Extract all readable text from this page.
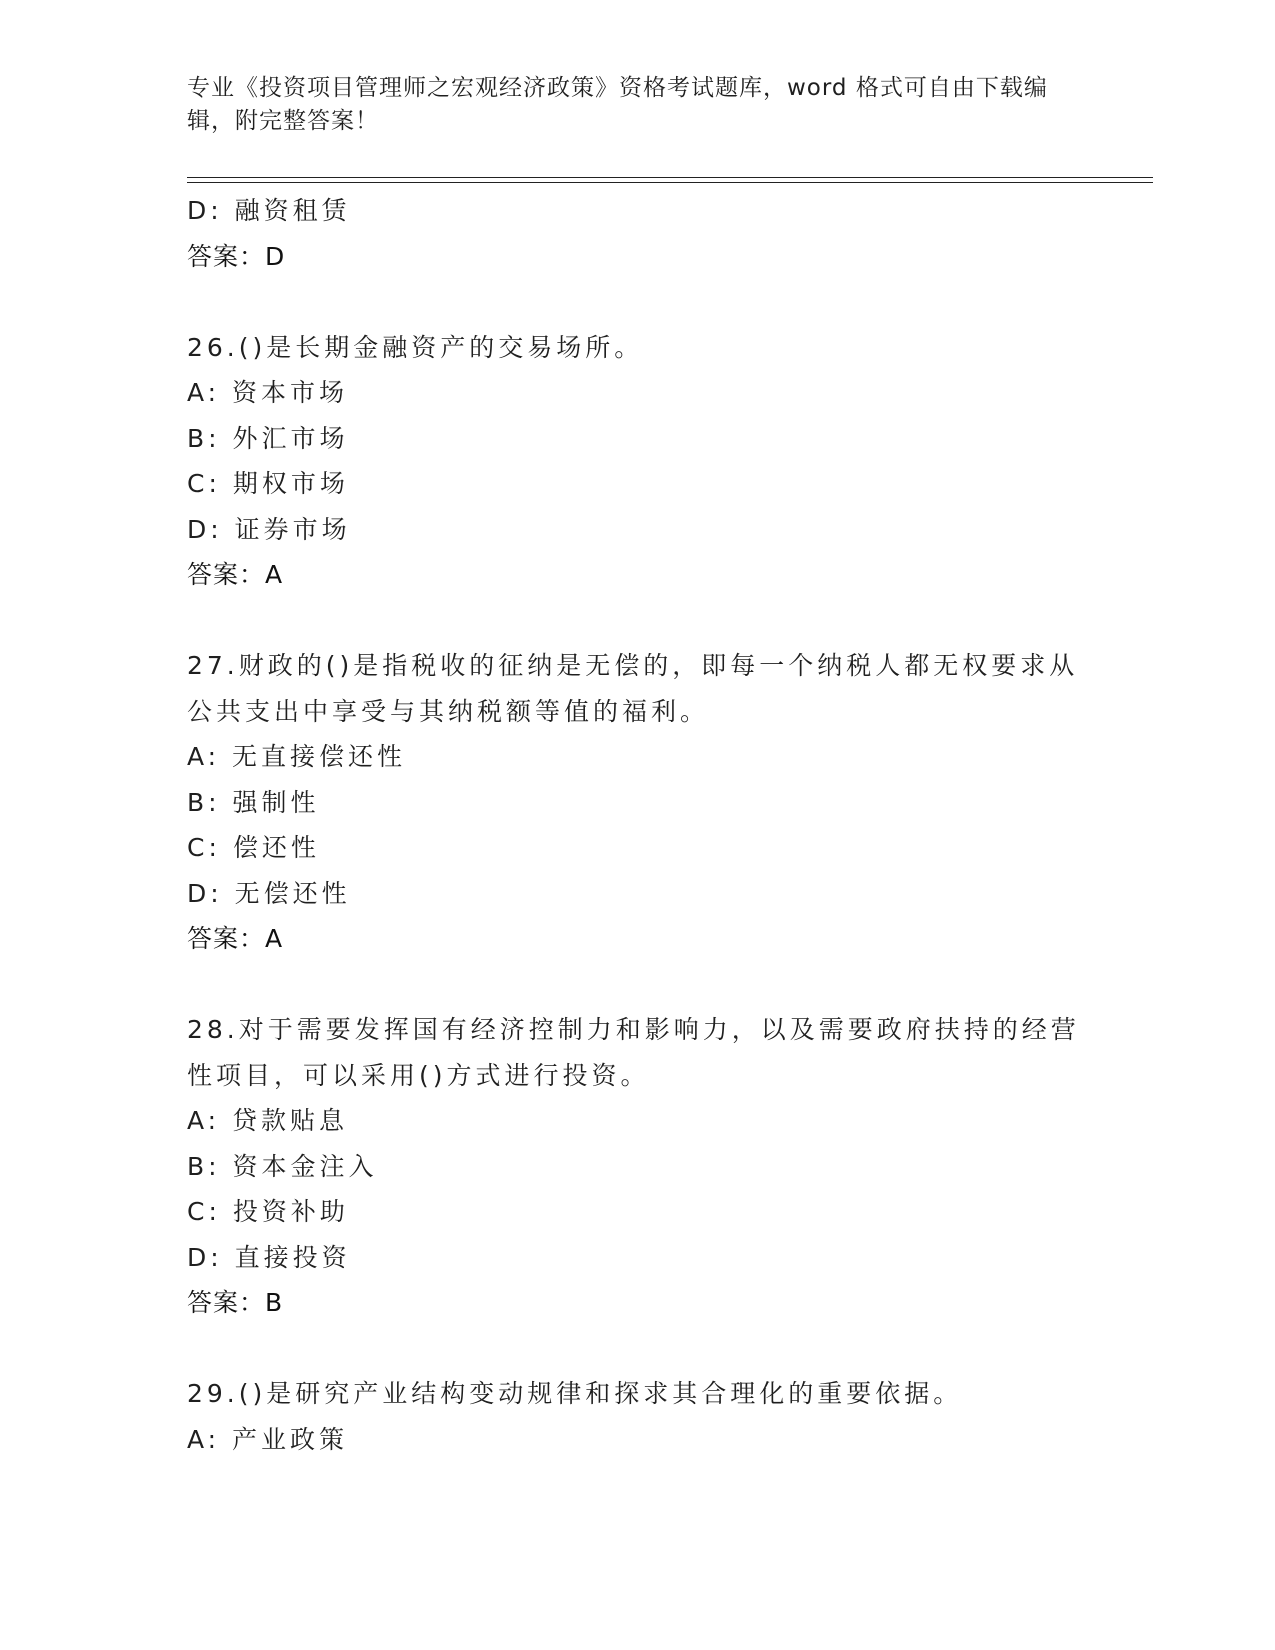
专业《投资项目管理师之宏观经济政策》资格考试题库，word 格式可自由下载编
辑，附完整答案！
D: 融资租赁
答案：D
26.()是长期金融资产的交易场所。
A: 资本市场
B: 外汇市场
C: 期权市场
D: 证券市场
答案：A
27.财政的()是指税收的征纳是无偿的，即每一个纳税人都无权要求从
公共支出中享受与其纳税额等值的福利。
A: 无直接偿还性
B: 强制性
C: 偿还性
D: 无偿还性
答案：A
28.对于需要发挥国有经济控制力和影响力，以及需要政府扶持的经营
性项目，可以采用()方式进行投资。
A: 贷款贴息
B: 资本金注入
C: 投资补助
D: 直接投资
答案：B
29.()是研究产业结构变动规律和探求其合理化的重要依据。
A: 产业政策
